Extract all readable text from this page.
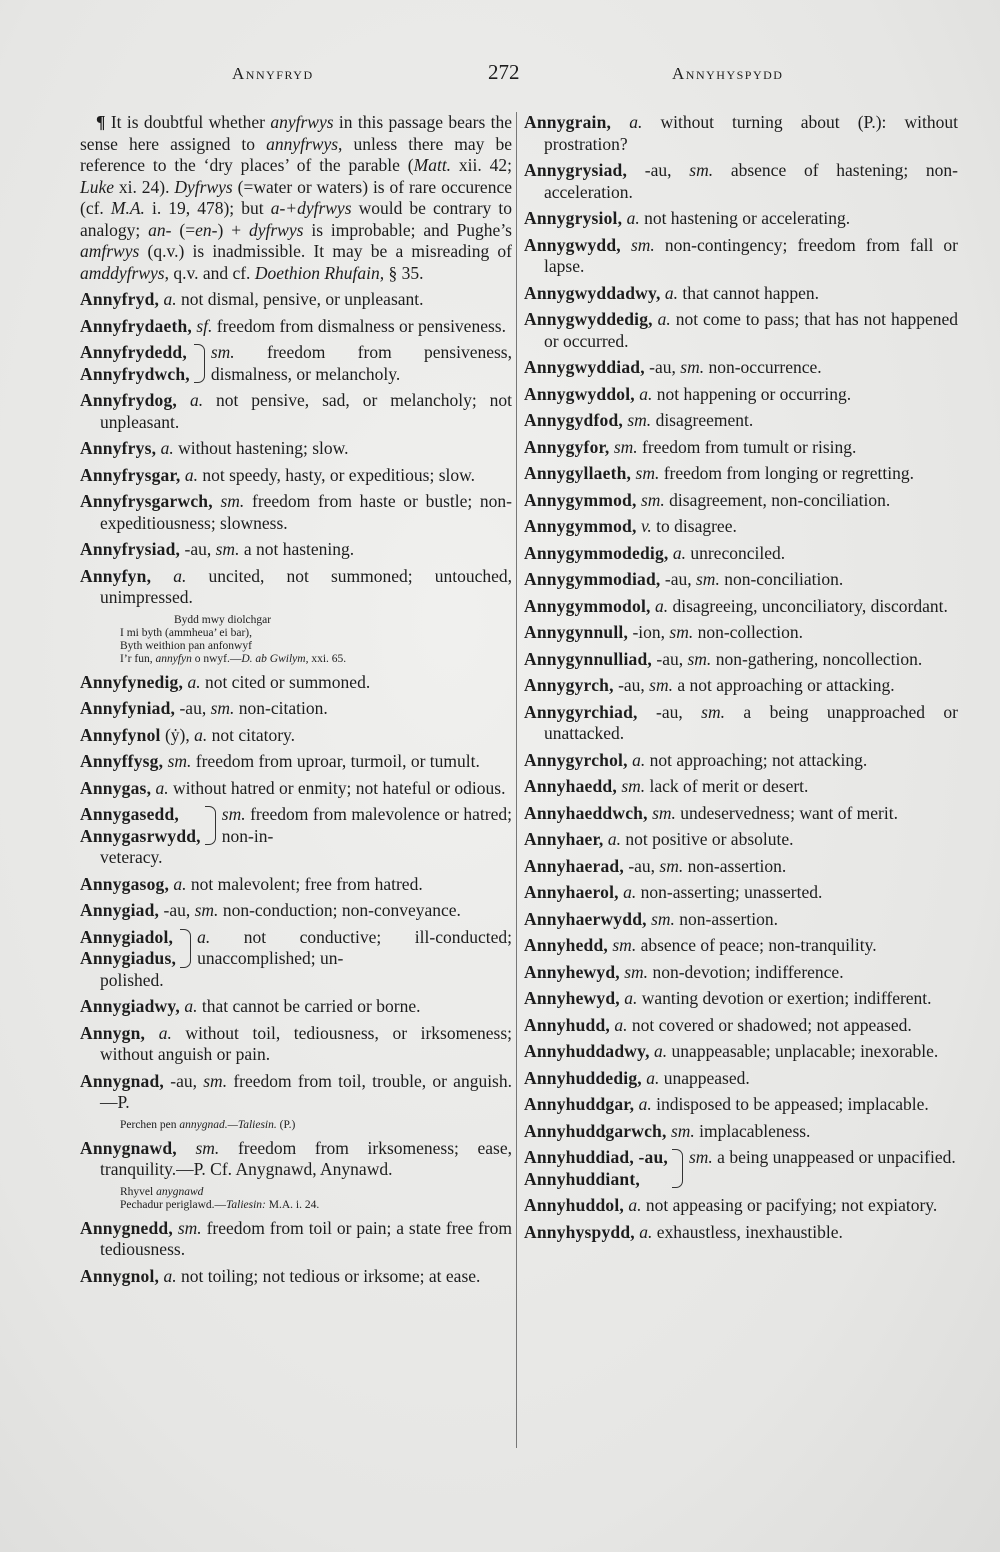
Annyfryd	272	Annyhyspydd
¶ It is doubtful whether anyfrwys in this passage bears the sense here assigned to annyfrwys, unless there may be reference to the ‘dry places’ of the parable (Matt. xii. 42; Luke xi. 24). Dyfrwys (=water or waters) is of rare occurence (cf. M.A. i. 19, 478); but a-+dyfrwys would be contrary to analogy; an- (=en-) + dyfrwys is improbable; and Pughe’s amfrwys (q.v.) is inadmissible. It may be a misreading of amddyfrwys, q.v. and cf. Doethion Rhufain, § 35.
Annyfryd, a. not dismal, pensive, or unpleasant.
Annyfrydaeth, sf. freedom from dismalness or pensiveness.
Annyfrydedd,
Annyfrydwch,
sm. freedom from pensiveness, dismalness, or melancholy.
Annyfrydog, a. not pensive, sad, or melancholy; not unpleasant.
Annyfrys, a. without hastening; slow.
Annyfrysgar, a. not speedy, hasty, or expeditious; slow.
Annyfrysgarwch, sm. freedom from haste or bustle; non-expeditiousness; slowness.
Annyfrysiad, -au, sm. a not hastening.
Annyfyn, a. uncited, not summoned; untouched, unimpressed.
Bydd mwy diolchgar
I mi byth (ammheua’ ei bar),
Byth weithion pan anfonwyf
I’r fun, annyfyn o nwyf.—D. ab Gwilym, xxi. 65.
Annyfynedig, a. not cited or summoned.
Annyfyniad, -au, sm. non-citation.
Annyfynol (ẏ), a. not citatory.
Annyffysg, sm. freedom from uproar, turmoil, or tumult.
Annygas, a. without hatred or enmity; not hateful or odious.
Annygasedd,
Annygasrwydd,
sm. freedom from malevolence or hatred; non-in-
veteracy.
Annygasog, a. not malevolent; free from hatred.
Annygiad, -au, sm. non-conduction; non-conveyance.
Annygiadol,
Annygiadus,
a. not conductive; ill-conducted; unaccomplished; un-
polished.
Annygiadwy, a. that cannot be carried or borne.
Annygn, a. without toil, tediousness, or irksomeness; without anguish or pain.
Annygnad, -au, sm. freedom from toil, trouble, or anguish.—P.
Perchen pen annygnad.—Taliesin. (P.)
Annygnawd, sm. freedom from irksomeness; ease, tranquility.—P. Cf. Anygnawd, Anynawd.
Rhyvel anygnawd
Pechadur periglawd.—Taliesin: M.A. i. 24.
Annygnedd, sm. freedom from toil or pain; a state free from tediousness.
Annygnol, a. not toiling; not tedious or irksome; at ease.
Annygrain, a. without turning about (P.): without prostration?
Annygrysiad, -au, sm. absence of hastening; non-acceleration.
Annygrysiol, a. not hastening or accelerating.
Annygwydd, sm. non-contingency; freedom from fall or lapse.
Annygwyddadwy, a. that cannot happen.
Annygwyddedig, a. not come to pass; that has not happened or occurred.
Annygwyddiad, -au, sm. non-occurrence.
Annygwyddol, a. not happening or occurring.
Annygydfod, sm. disagreement.
Annygyfor, sm. freedom from tumult or rising.
Annygyllaeth, sm. freedom from longing or regretting.
Annygymmod, sm. disagreement, non-conciliation.
Annygymmod, v. to disagree.
Annygymmodedig, a. unreconciled.
Annygymmodiad, -au, sm. non-conciliation.
Annygymmodol, a. disagreeing, unconciliatory, discordant.
Annygynnull, -ion, sm. non-collection.
Annygynnulliad, -au, sm. non-gathering, noncollection.
Annygyrch, -au, sm. a not approaching or attacking.
Annygyrchiad, -au, sm. a being unapproached or unattacked.
Annygyrchol, a. not approaching; not attacking.
Annyhaedd, sm. lack of merit or desert.
Annyhaeddwch, sm. undeservedness; want of merit.
Annyhaer, a. not positive or absolute.
Annyhaerad, -au, sm. non-assertion.
Annyhaerol, a. non-asserting; unasserted.
Annyhaerwydd, sm. non-assertion.
Annyhedd, sm. absence of peace; non-tranquility.
Annyhewyd, sm. non-devotion; indifference.
Annyhewyd, a. wanting devotion or exertion; indifferent.
Annyhudd, a. not covered or shadowed; not appeased.
Annyhuddadwy, a. unappeasable; unplacable; inexorable.
Annyhuddedig, a. unappeased.
Annyhuddgar, a. indisposed to be appeased; implacable.
Annyhuddgarwch, sm. implacableness.
Annyhuddiad, -au,
Annyhuddiant,
sm. a being unappeased or unpacified.
Annyhuddol, a. not appeasing or pacifying; not expiatory.
Annyhyspydd, a. exhaustless, inexhaustible.
